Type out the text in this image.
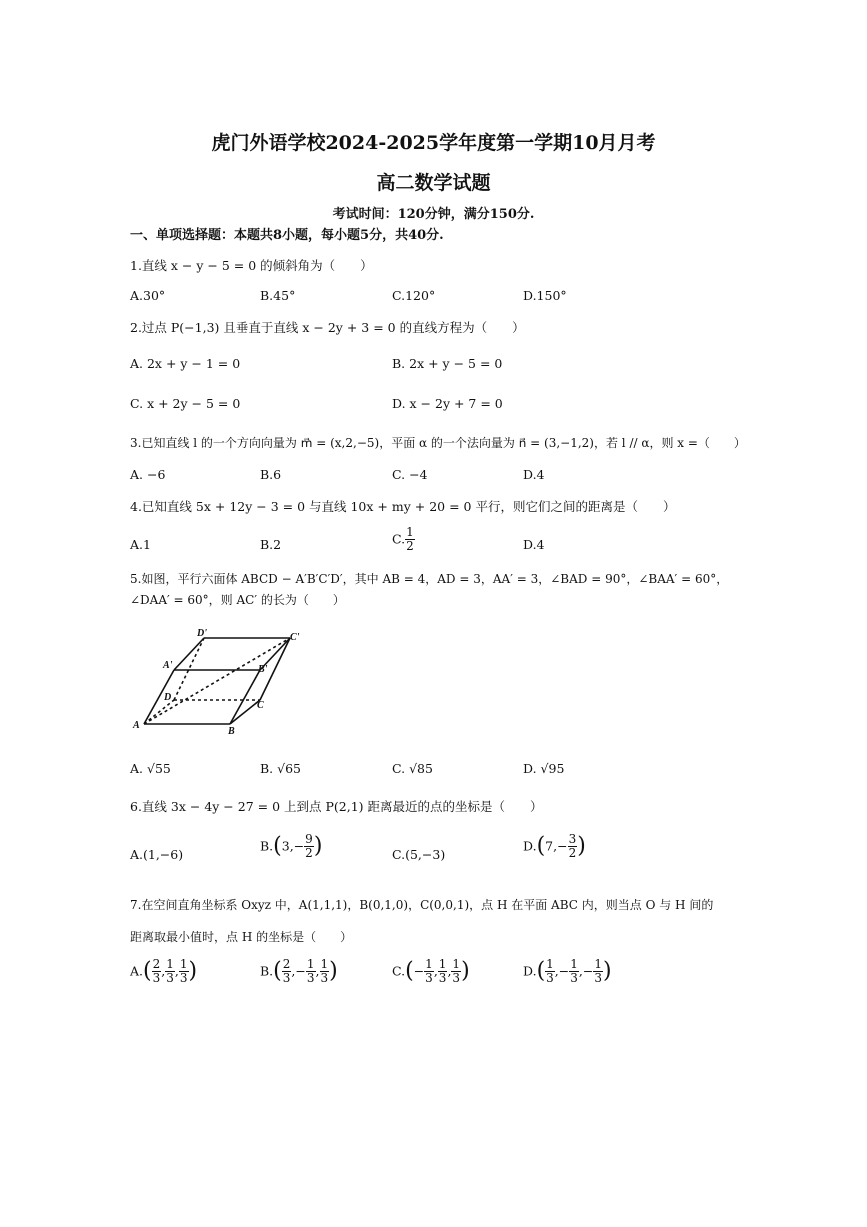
虎门外语学校2024-2025学年度第一学期10月月考
高二数学试题
考试时间：120分钟，满分150分.
一、单项选择题：本题共8小题，每小题5分，共40分.
1.直线 x − y − 5 = 0 的倾斜角为（　　）
A.30°	B.45°	C.120°	D.150°
2.过点 P(−1,3) 且垂直于直线 x − 2y + 3 = 0 的直线方程为（　　）
A. 2x + y − 1 = 0	B. 2x + y − 5 = 0
C. x + 2y − 5 = 0	D. x − 2y + 7 = 0
3.已知直线 l 的一个方向向量为 m⃗ = (x,2,−5)，平面 α 的一个法向量为 n⃗ = (3,−1,2)，若 l // α，则 x =（　　）
A. −6	B.6	C. −4	D.4
4.已知直线 5x + 12y − 3 = 0 与直线 10x + my + 20 = 0 平行，则它们之间的距离是（　　）
A.1	B.2	C. $\frac{1}{2}$	D.4
5.如图，平行六面体 ABCD − A′B′C′D′，其中 AB = 4，AD = 3，AA′ = 3，∠BAD = 90°，∠BAA′ = 60°，
∠DAA′ = 60°，则 AC′ 的长为（　　）
A
B
C
D
A'	B'
C'
D'
A. √55	B. √65	C. √85	D. √95
6.直线 3x − 4y − 27 = 0 上到点 P(2,1) 距离最近的点的坐标是（　　）
A.(1,−6)
$B.(3,- \frac{9}{2}$ )	C.(5,−3)
$D.(7,- \frac{3}{2}$ )
7.在空间直角坐标系 Oxyz 中，A(1,1,1)，B(0,1,0)，C(0,0,1)，点 H 在平面 ABC 内，则当点 O 与 H 间的
距离取最小值时，点 H 的坐标是（　　）
$A.( \frac{2}{3}$ , $\frac{1}{3}$ , $\frac{1}{3}$ )	$B.( \frac{2}{3}$ ,− $\frac{1}{3}$ , $\frac{1}{3}$ )	$C.(- \frac{1}{3}$ , $\frac{1}{3}$ , $\frac{1}{3}$ )	$D.( \frac{1}{3}$ ,− $\frac{1}{3}$ ,− $\frac{1}{3}$ )
